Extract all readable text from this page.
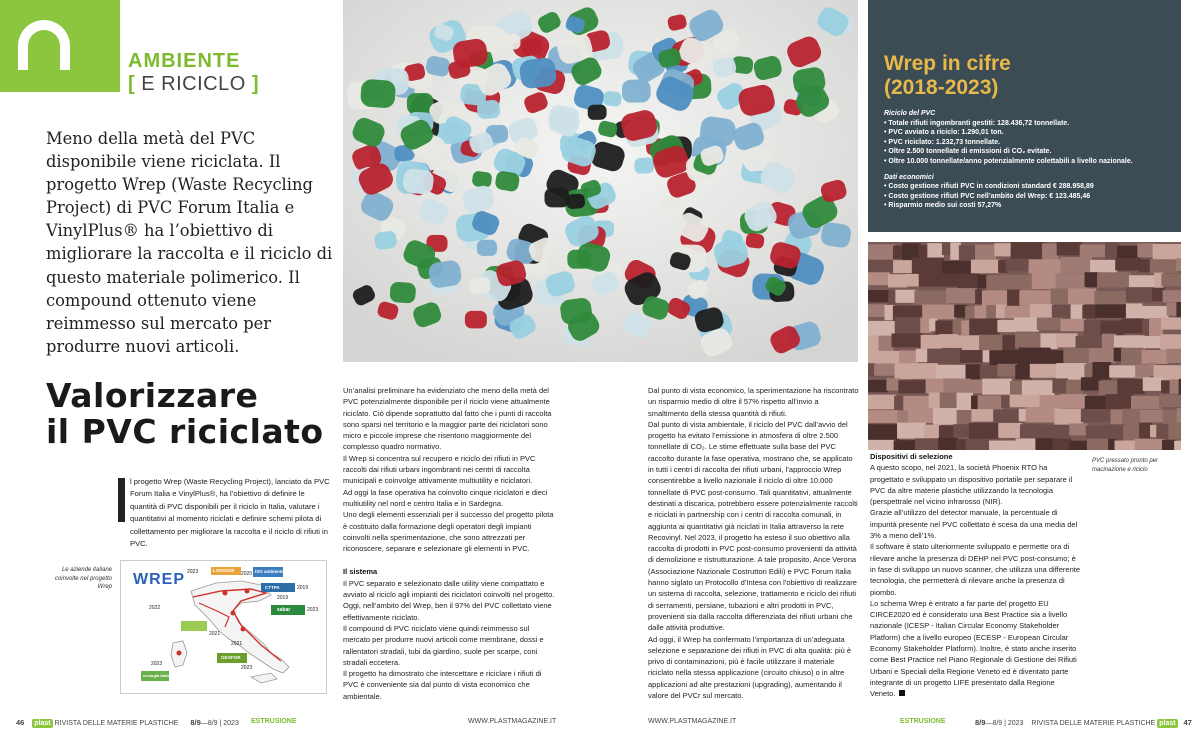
AMBIENTE
[ E RICICLO ]
Meno della metà del PVC disponibile viene riciclata. Il progetto Wrep (Waste Recycling Project) di PVC Forum Italia e VinylPlus® ha l’obiettivo di migliorare la raccolta e il riciclo di questo materiale polimerico. Il compound ottenuto viene reimmesso sul mercato per produrre nuovi articoli.
Valorizzare
il PVC riciclato
l progetto Wrep (Waste Recycling Project), lanciato da PVC Forum Italia e VinylPlus®, ha l’obiettivo di definire le quantità di PVC disponibili per il riciclo in Italia, valutare i quantitativi al momento riciclati e definire schemi pilota di collettamento per migliorare la raccolta e il riciclo di rifiuti in PVC.
Le aziende italiane coinvolte nel progetto Wrep WREP 2023	2020
2019
2022
2019
2023
2021
2021
2023
2023
LONGONI	ISO ambiente
CTTPA
sabar
GEOFOR
ecologia Italia

Un’analisi preliminare ha evidenziato che meno della metà del PVC potenzialmente disponibile per il riciclo viene attualmente riciclato. Ciò dipende soprattutto dal fatto che i punti di raccolta sono sparsi nel territorio e la maggior parte dei riciclatori sono micro e piccole imprese che risentono maggiormente del complesso quadro normativo.

Il Wrep si concentra sul recupero e riciclo dei rifiuti in PVC raccolti dai rifiuti urbani ingombranti nei centri di raccolta municipali e coinvolge attivamente multiutility e riciclatori.

Ad oggi la fase operativa ha coinvolto cinque riciclatori e dieci multiutility nel nord e centro Italia e in Sardegna.

Uno degli elementi essenziali per il successo del progetto pilota è costituito dalla formazione degli operatori degli impianti coinvolti nella sperimentazione, che sono attrezzati per riconoscere, separare e selezionare gli elementi in PVC.

Il sistema

Il PVC separato e selezionato dalle utility viene compattato e avviato al riciclo agli impianti dei riciclatori coinvolti nel progetto. Oggi, nell’ambito del Wrep, ben il 97% del PVC collettato viene effettivamente riciclato.

Il compound di PVC riciclato viene quindi reimmesso sul mercato per produrre nuovi articoli come membrane, dossi e rallentatori stradali, tubi da giardino, suole per scarpe, coni stradali eccetera.

Il progetto ha dimostrato che intercettare e riciclare i rifiuti di PVC è conveniente sia dal punto di vista economico che ambientale.

Dal punto di vista economico, la sperimentazione ha riscontrato un risparmio medio di oltre il 57% rispetto all’invio a smaltimento della stessa quantità di rifiuti.

Dal punto di vista ambientale, il riciclo del PVC dall’avvio del progetto ha evitato l’emissione in atmosfera di oltre 2.500 tonnellate di CO₂. Le stime effettuate sulla base del PVC raccolto durante la fase operativa, mostrano che, se applicato in tutti i centri di raccolta dei rifiuti urbani, l’approccio Wrep consentirebbe a livello nazionale il riciclo di oltre 10.000 tonnellate di PVC post-consumo. Tali quantitativi, attualmente destinati a discarica, potrebbero essere potenzialmente raccolti e riciclati in partnership con i centri di raccolta comunali, in aggiunta ai quantitativi già riciclati in Italia attraverso la rete Recovinyl. Nel 2023, il progetto ha esteso il suo obiettivo alla raccolta di prodotti in PVC post-consumo provenienti da attività di demolizione e ristrutturazione. A tale proposito, Ance Verona (Associazione Nazionale Costruttori Edili) e PVC Forum Italia hanno siglato un Protocollo d’Intesa con l’obiettivo di realizzare un sistema di raccolta, selezione, trattamento e riciclo dei rifiuti di serramenti, persiane, tubazioni e altri prodotti in PVC, provenienti sia dalla raccolta differenziata dei rifiuti urbani che dalle attività produttive.

Ad oggi, il Wrep ha confermato l’importanza di un’adeguata selezione e separazione dei rifiuti in PVC di alta qualità: più è privo di contaminazioni, più è facile utilizzare il materiale riciclato nella stessa applicazione (circuito chiuso) o in altre applicazioni ad alte prestazioni (upgrading), aumentando il valore del PVCr sul mercato.

Wrep in cifre
(2018-2023)
Riciclo del PVC
• Totale rifiuti ingombranti gestiti: 128.436,72 tonnellate.
• PVC avviato a riciclo: 1.290,01 ton.
• PVC riciclato: 1.232,73 tonnellate.
• Oltre 2.500 tonnellate di emissioni di CO₂ evitate.
• Oltre 10.000 tonnellate/anno potenzialmente colettabili a livello nazionale.
Dati economici
• Costo gestione rifiuti PVC in condizioni standard € 288.958,89
• Costo gestione rifiuti PVC nell’ambito del Wrep: € 123.485,46
• Risparmio medio sui costi 57,27%
PVC pressato pronto per macinazione e riciclo

Dispositivi di selezione

A questo scopo, nel 2021, la società Phoenix RTO ha progettato e sviluppato un dispositivo portatile per separare il PVC da altre materie plastiche utilizzando la tecnologia (perspettrale nel vicino infrarosso (NIR).

Grazie all’utilizzo del detector manuale, la percentuale di impurità presente nel PVC collettato è scesa da una media del 3% a meno dell’1%.

Il software è stato ulteriormente sviluppato e permette ora di rilevare anche la presenza di DEHP nel PVC post-consumo; è in fase di sviluppo un nuovo scanner, che utilizza una differente tecnologia, che permetterà di rilevare anche la presenza di piombo.

Lo schema Wrep è entrato a far parte del progetto EU CIRCE2020 ed è considerato una Best Practice sia a livello nazionale (ICESP - Italian Circular Economy Stakeholder Platform) che a livello europeo (ECESP - European Circular Economy Stakeholder Platform). Inoltre, è stato anche inserito come Best Practice nel Piano Regionale di Gestione dei Rifiuti Urbani e Speciali della Regione Veneto ed è diventato parte integrante di un progetto LIFE presentato dalla Regione Veneto.

46 plast RIVISTA DELLE MATERIE PLASTICHE 8/9—8/9 | 2023 ESTRUSIONE	WWW.PLASTMAGAZINE.IT	WWW.PLASTMAGAZINE.IT	ESTRUSIONE	8/9—8/9 | 2023 RIVISTA DELLE MATERIE PLASTICHE plast 47
